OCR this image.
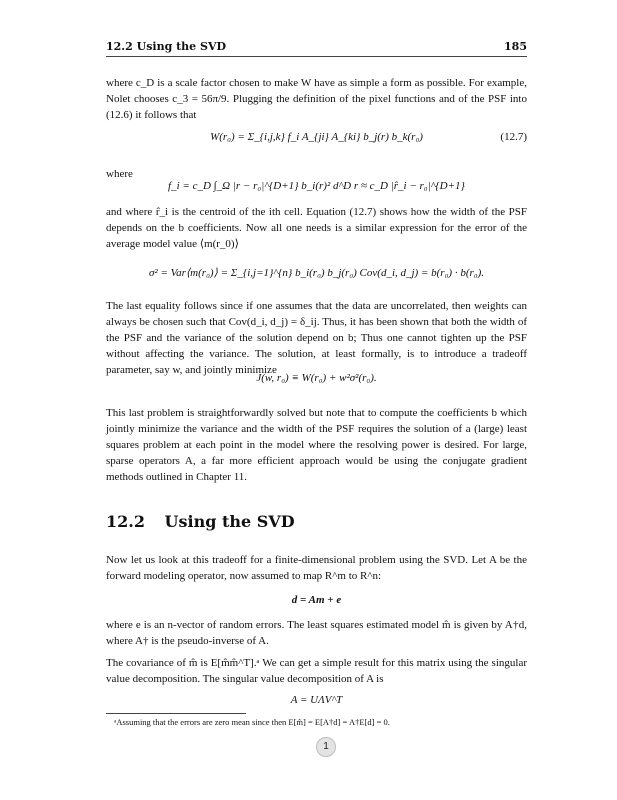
12.2 Using the SVD	185

where c_D is a scale factor chosen to make W have as simple a form as possible. For example, Nolet chooses c_3 = 56π/9. Plugging the definition of the pixel functions and of the PSF into (12.6) it follows that

W(r₀) = Σ_{i,j,k} f_i A_{ji} A_{ki} b_j(r) b_k(r₀)	(12.7)

where

f_i = c_D ∫_Ω |r − r₀|^{D+1} b_i(r)² d^D r ≈ c_D |r̂_i − r₀|^{D+1}

and where r̂_i is the centroid of the ith cell. Equation (12.7) shows how the width of the PSF depends on the b coefficients. Now all one needs is a similar expression for the error of the average model value ⟨m(r_0)⟩

σ² = Var⟨m(r₀)⟩ = Σ_{i,j=1}^{n} b_i(r₀) b_j(r₀) Cov(d_i, d_j) = b(r₀) · b(r₀).

The last equality follows since if one assumes that the data are uncorrelated, then weights can always be chosen such that Cov(d_i, d_j) = δ_ij. Thus, it has been shown that both the width of the PSF and the variance of the solution depend on b; Thus one cannot tighten up the PSF without affecting the variance. The solution, at least formally, is to introduce a tradeoff parameter, say w, and jointly minimize

J(w, r₀) ≡ W(r₀) + w²σ²(r₀).

This last problem is straightforwardly solved but note that to compute the coefficients b which jointly minimize the variance and the width of the PSF requires the solution of a (large) least squares problem at each point in the model where the resolving power is desired. For large, sparse operators A, a far more efficient approach would be using the conjugate gradient methods outlined in Chapter 11.

12.2 Using the SVD

Now let us look at this tradeoff for a finite-dimensional problem using the SVD. Let A be the forward modeling operator, now assumed to map R^m to R^n:

d = Am + e

where e is an n-vector of random errors. The least squares estimated model m̂ is given by A†d, where A† is the pseudo-inverse of A.

The covariance of m̂ is E[m̂m̂^T].ᵃ We can get a simple result for this matrix using the singular value decomposition. The singular value decomposition of A is

A = UΛV^T
ᵃAssuming that the errors are zero mean since then E[m̂] = E[A†d] = A†E[d] = 0.
1
